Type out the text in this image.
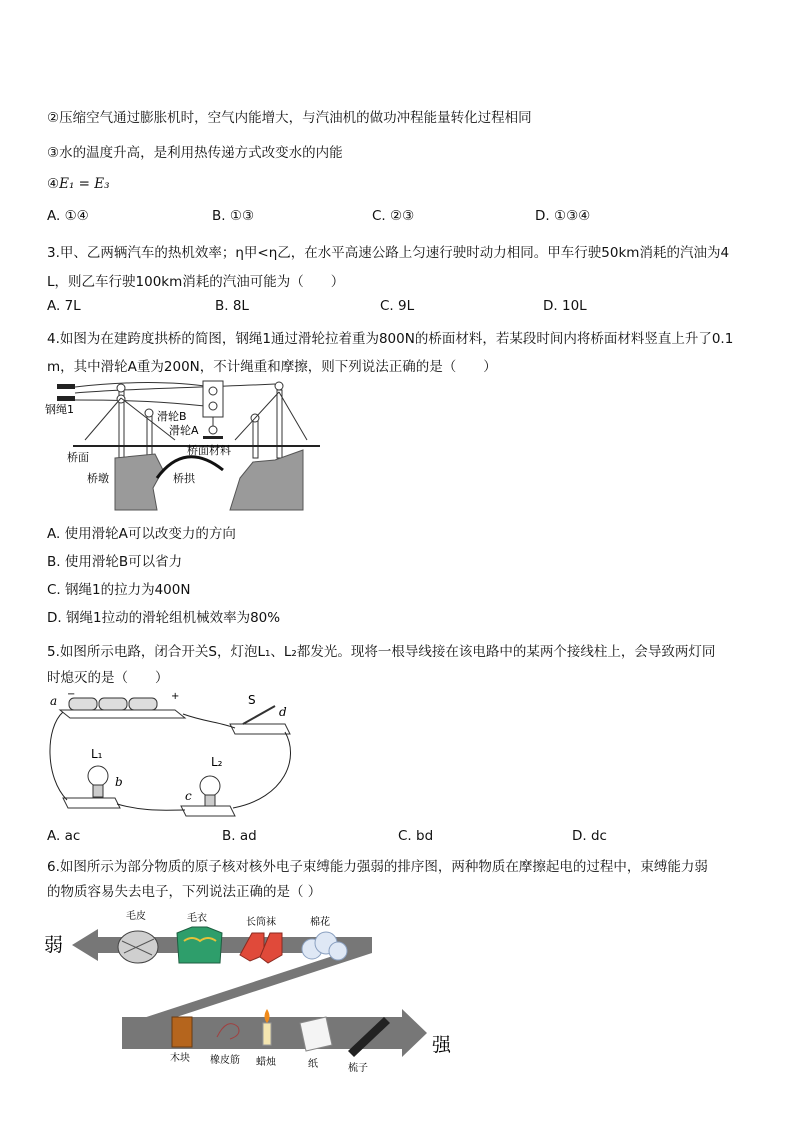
②压缩空气通过膨胀机时，空气内能增大，与汽油机的做功冲程能量转化过程相同
③水的温度升高，是利用热传递方式改变水的内能
④E₁ = E₃
A. ①④	B. ①③	C. ②③	D. ①③④
3.甲、乙两辆汽车的热机效率；η甲<η乙，在水平高速公路上匀速行驶时动力相同。甲车行驶50km消耗的汽油为4
L，则乙车行驶100km消耗的汽油可能为（　　）
A. 7L	B. 8L	C. 9L	D. 10L
4.如图为在建跨度拱桥的简图，钢绳1通过滑轮拉着重为800N的桥面材料，若某段时间内将桥面材料竖直上升了0.1
m，其中滑轮A重为200N，不计绳重和摩擦，则下列说法正确的是（　　）
钢绳1
滑轮B
滑轮A
桥面
桥面材料
桥墩	桥拱
A. 使用滑轮A可以改变力的方向
B. 使用滑轮B可以省力
C. 钢绳1的拉力为400N
D. 钢绳1拉动的滑轮组机械效率为80%
5.如图所示电路，闭合开关S，灯泡L₁、L₂都发光。现将一根导线接在该电路中的某两个接线柱上，会导致两灯同
时熄灭的是（　　）
−	+
a	S
d
L₁
L₂
b
c
A. ac	B. ad	C. bd	D. dc
6.如图所示为部分物质的原子核对核外电子束缚能力强弱的排序图，两种物质在摩擦起电的过程中，束缚能力弱
的物质容易失去电子，下列说法正确的是（ ）
弱
强
毛皮	毛衣	长筒袜	棉花
木块 橡皮筋 蜡烛	纸	梳子
